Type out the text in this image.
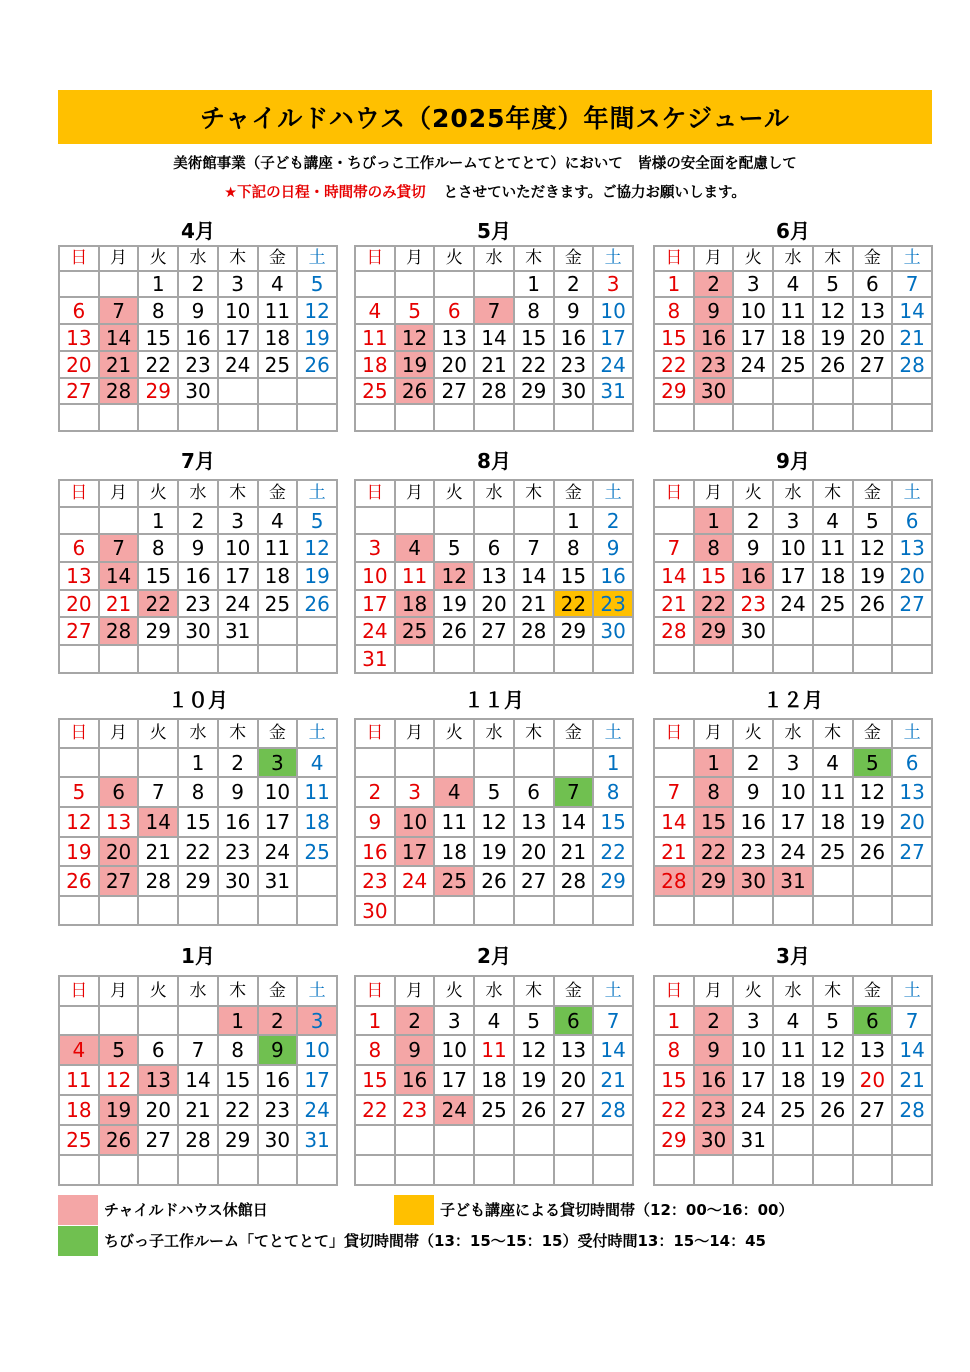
チャイルドハウス（2025年度）年間スケジュール
美術館事業（子ども講座・ちびっこ工作ルームてとてとて）において　皆様の安全面を配慮して
★下記の日程・時間帯のみ貸切 とさせていただきます。ご協力お願いします。
4月
日	月	火	水	木	金	土
		1	2	3	4	5
6	7	8	9	10	11	12
13	14	15	16	17	18	19
20	21	22	23	24	25	26
27	28	29	30			

5月
日	月	火	水	木	金	土
				1	2	3
4	5	6	7	8	9	10
11	12	13	14	15	16	17
18	19	20	21	22	23	24
25	26	27	28	29	30	31

6月
日	月	火	水	木	金	土
1	2	3	4	5	6	7
8	9	10	11	12	13	14
15	16	17	18	19	20	21
22	23	24	25	26	27	28
29	30					

7月
日	月	火	水	木	金	土
		1	2	3	4	5
6	7	8	9	10	11	12
13	14	15	16	17	18	19
20	21	22	23	24	25	26
27	28	29	30	31		

8月
日	月	火	水	木	金	土
					1	2
3	4	5	6	7	8	9
10	11	12	13	14	15	16
17	18	19	20	21	22	23
24	25	26	27	28	29	30
31						
9月
日	月	火	水	木	金	土
	1	2	3	4	5	6
7	8	9	10	11	12	13
14	15	16	17	18	19	20
21	22	23	24	25	26	27
28	29	30				

１０月
日	月	火	水	木	金	土
			1	2	3	4
5	6	7	8	9	10	11
12	13	14	15	16	17	18
19	20	21	22	23	24	25
26	27	28	29	30	31	

１１月
日	月	火	水	木	金	土
						1
2	3	4	5	6	7	8
9	10	11	12	13	14	15
16	17	18	19	20	21	22
23	24	25	26	27	28	29
30						
１２月
日	月	火	水	木	金	土
	1	2	3	4	5	6
7	8	9	10	11	12	13
14	15	16	17	18	19	20
21	22	23	24	25	26	27
28	29	30	31			

1月
日	月	火	水	木	金	土
				1	2	3
4	5	6	7	8	9	10
11	12	13	14	15	16	17
18	19	20	21	22	23	24
25	26	27	28	29	30	31

2月
日	月	火	水	木	金	土
1	2	3	4	5	6	7
8	9	10	11	12	13	14
15	16	17	18	19	20	21
22	23	24	25	26	27	28

3月
日	月	火	水	木	金	土
1	2	3	4	5	6	7
8	9	10	11	12	13	14
15	16	17	18	19	20	21
22	23	24	25	26	27	28
29	30	31				

チャイルドハウス休館日	子ども講座による貸切時間帯（12：00〜16：00）
ちびっ子工作ルーム「てとてとて」貸切時間帯（13：15〜15：15）受付時間13：15〜14：45
